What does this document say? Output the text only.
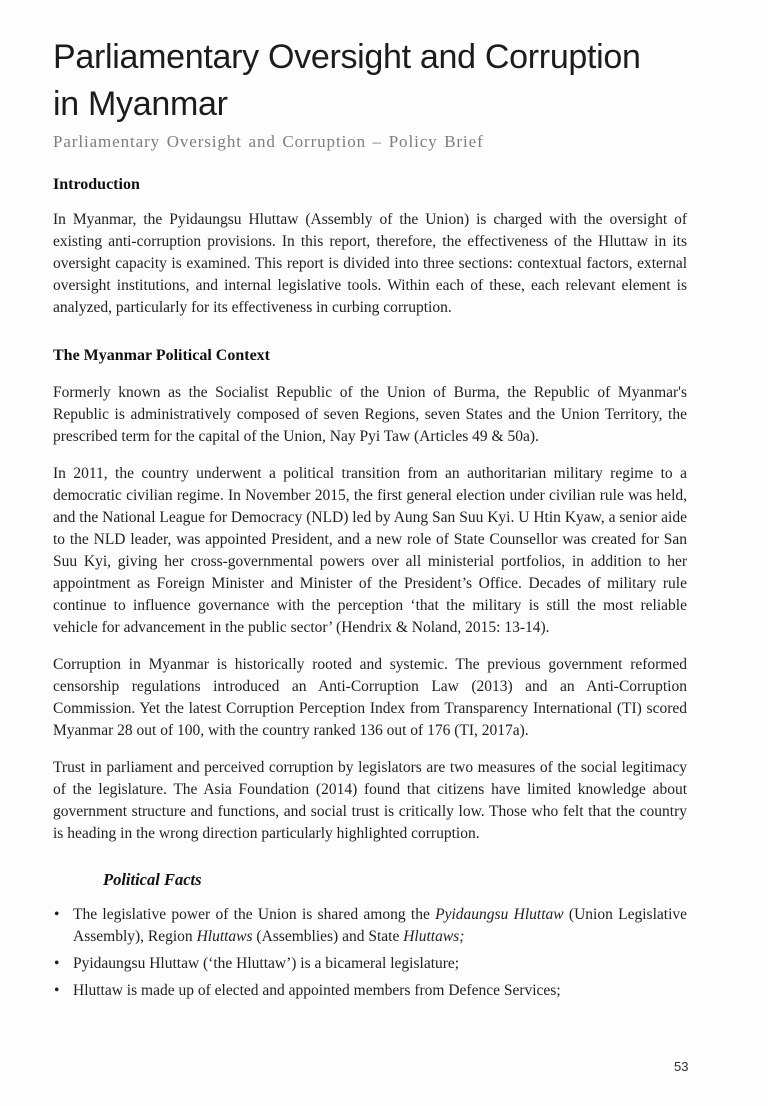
Parliamentary Oversight and Corruption in Myanmar
Parliamentary Oversight and Corruption – Policy Brief
Introduction

In Myanmar, the Pyidaungsu Hluttaw (Assembly of the Union) is charged with the oversight of existing anti-corruption provisions. In this report, therefore, the effectiveness of the Hluttaw in its oversight capacity is examined. This report is divided into three sections: contextual factors, external oversight institutions, and internal legislative tools. Within each of these, each relevant element is analyzed, particularly for its effectiveness in curbing corruption.

The Myanmar Political Context

Formerly known as the Socialist Republic of the Union of Burma, the Republic of Myanmar's Republic is administratively composed of seven Regions, seven States and the Union Territory, the prescribed term for the capital of the Union, Nay Pyi Taw (Articles 49 & 50a).

In 2011, the country underwent a political transition from an authoritarian military regime to a democratic civilian regime. In November 2015, the first general election under civilian rule was held, and the National League for Democracy (NLD) led by Aung San Suu Kyi. U Htin Kyaw, a senior aide to the NLD leader, was appointed President, and a new role of State Counsellor was created for San Suu Kyi, giving her cross-governmental powers over all ministerial portfolios, in addition to her appointment as Foreign Minister and Minister of the President’s Office. Decades of military rule continue to influence governance with the perception ‘that the military is still the most reliable vehicle for advancement in the public sector’ (Hendrix & Noland, 2015: 13-14).

Corruption in Myanmar is historically rooted and systemic. The previous government reformed censorship regulations introduced an Anti-Corruption Law (2013) and an Anti-Corruption Commission. Yet the latest Corruption Perception Index from Transparency International (TI) scored Myanmar 28 out of 100, with the country ranked 136 out of 176 (TI, 2017a).

Trust in parliament and perceived corruption by legislators are two measures of the social legitimacy of the legislature. The Asia Foundation (2014) found that citizens have limited knowledge about government structure and functions, and social trust is critically low. Those who felt that the country is heading in the wrong direction particularly highlighted corruption.

Political Facts
• The legislative power of the Union is shared among the Pyidaungsu Hluttaw (Union Legislative Assembly), Region Hluttaws (Assemblies) and State Hluttaws;
• Pyidaungsu Hluttaw (‘the Hluttaw’) is a bicameral legislature;
• Hluttaw is made up of elected and appointed members from Defence Services;
53
